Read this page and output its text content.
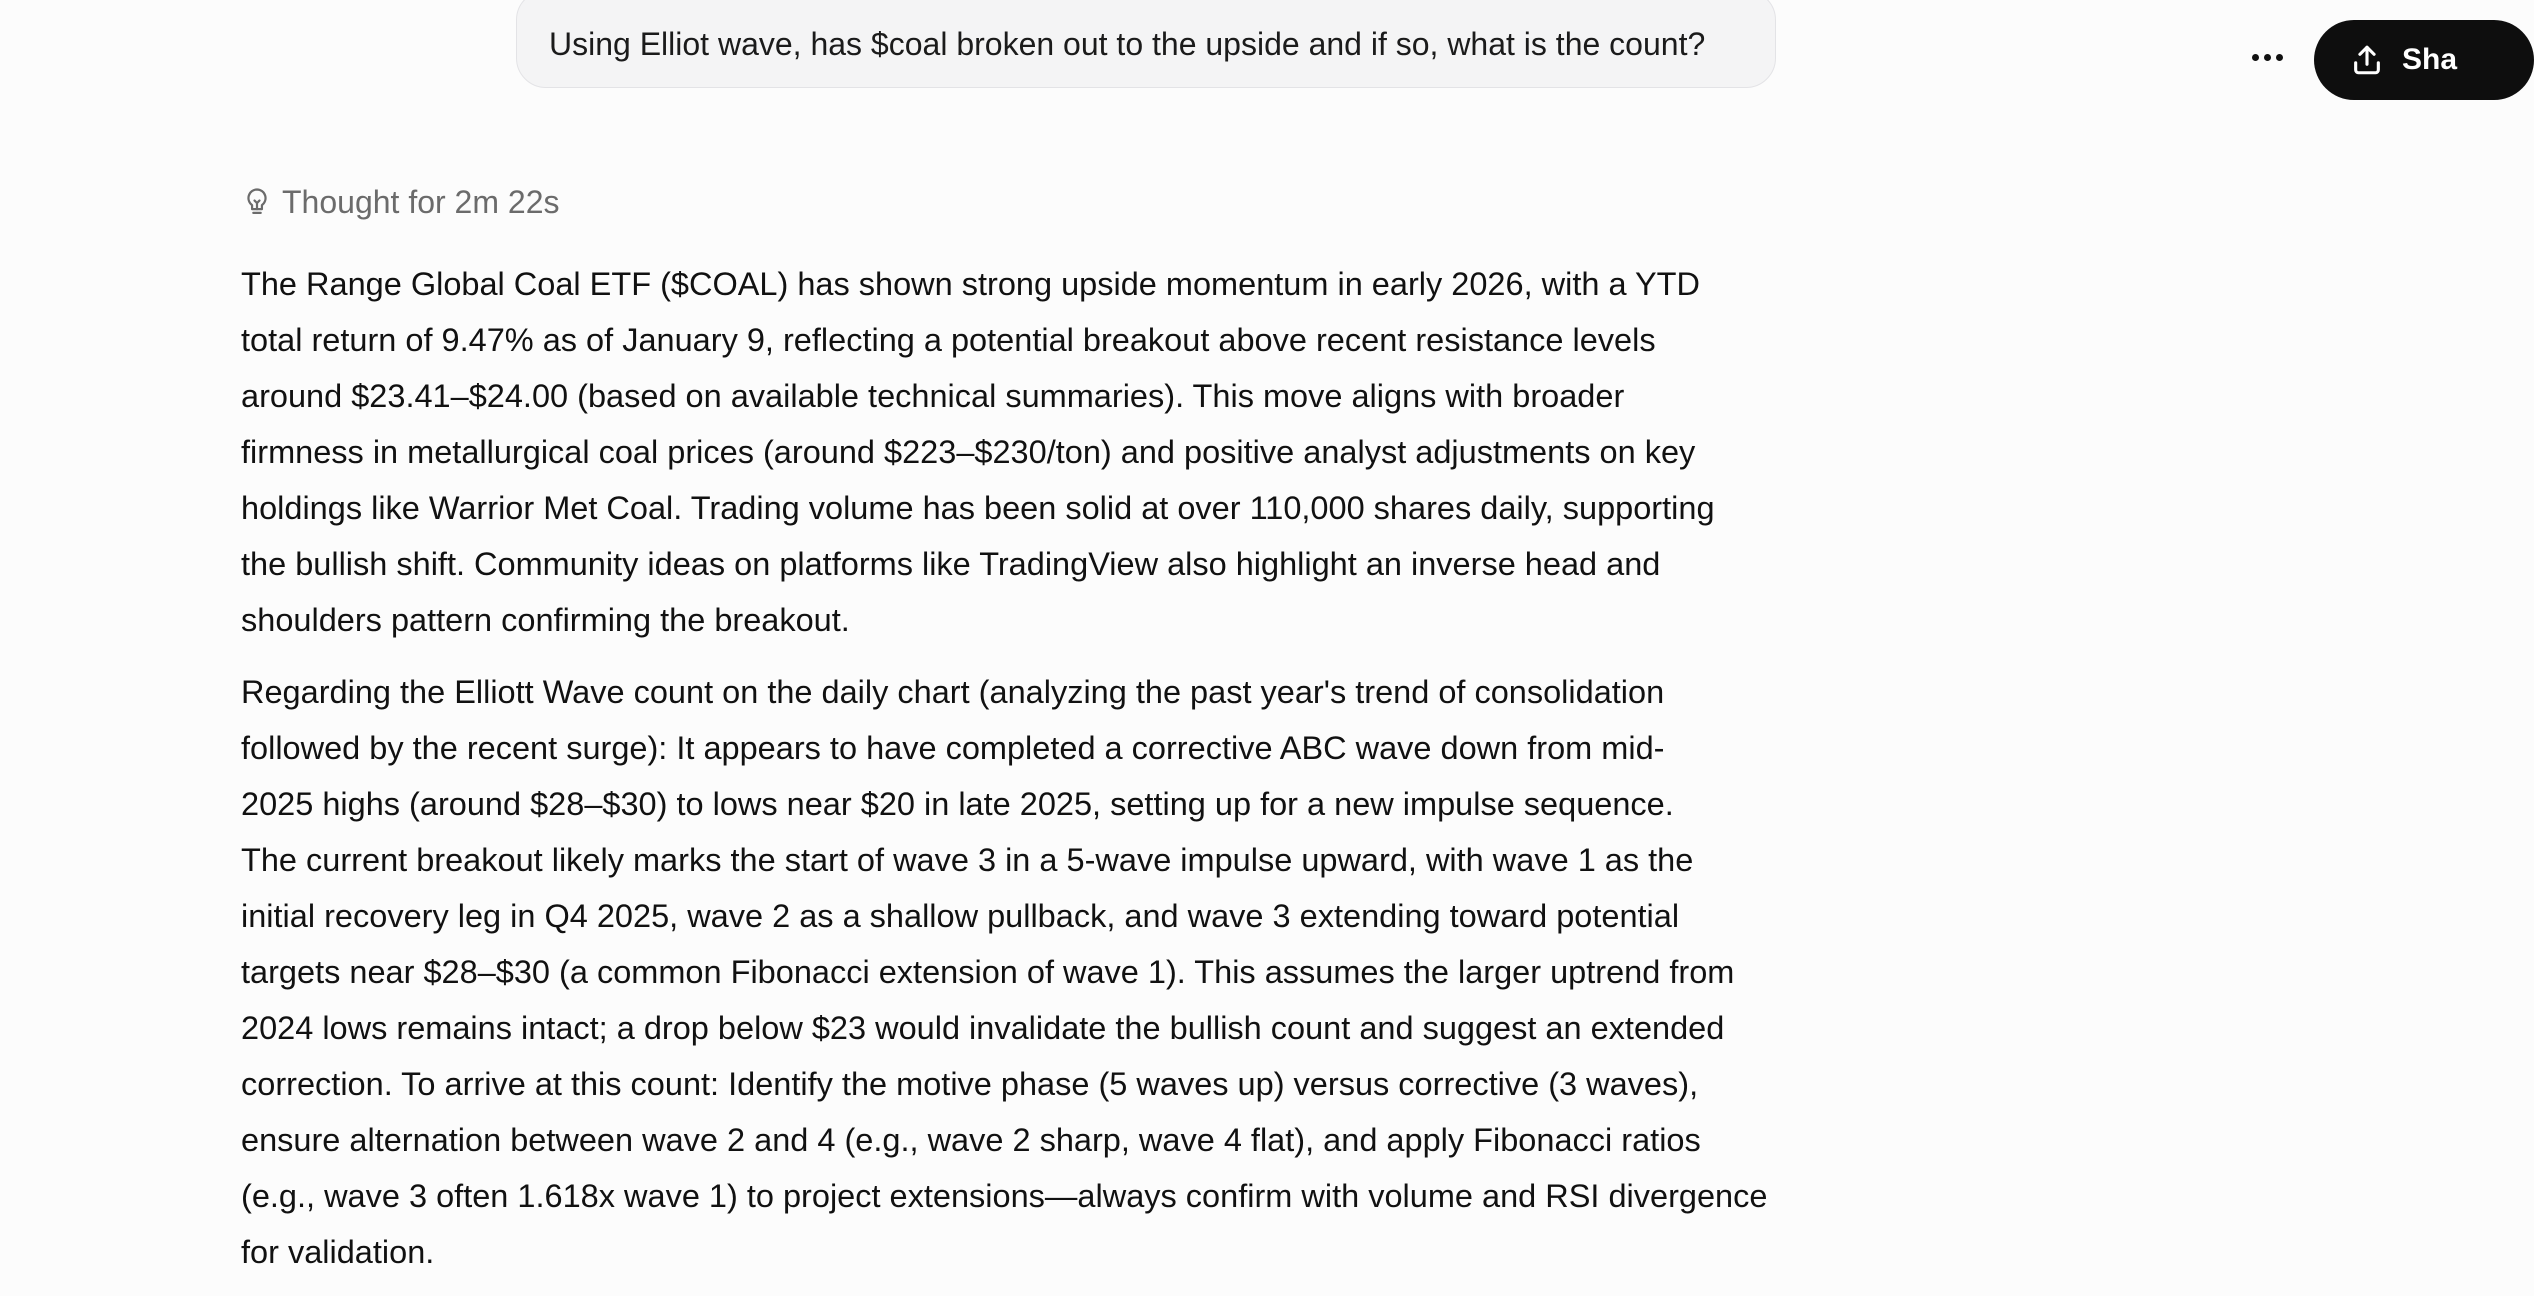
Using Elliot wave, has $coal broken out to the upside and if so, what is the count?	Sha
Thought for 2m 22s

The Range Global Coal ETF ($COAL) has shown strong upside momentum in early 2026, with a YTD
total return of 9.47% as of January 9, reflecting a potential breakout above recent resistance levels
around $23.41–$24.00 (based on available technical summaries). This move aligns with broader
firmness in metallurgical coal prices (around $223–$230/ton) and positive analyst adjustments on key
holdings like Warrior Met Coal. Trading volume has been solid at over 110,000 shares daily, supporting
the bullish shift. Community ideas on platforms like TradingView also highlight an inverse head and
shoulders pattern confirming the breakout.

Regarding the Elliott Wave count on the daily chart (analyzing the past year's trend of consolidation
followed by the recent surge): It appears to have completed a corrective ABC wave down from mid-
2025 highs (around $28–$30) to lows near $20 in late 2025, setting up for a new impulse sequence.
The current breakout likely marks the start of wave 3 in a 5-wave impulse upward, with wave 1 as the
initial recovery leg in Q4 2025, wave 2 as a shallow pullback, and wave 3 extending toward potential
targets near $28–$30 (a common Fibonacci extension of wave 1). This assumes the larger uptrend from
2024 lows remains intact; a drop below $23 would invalidate the bullish count and suggest an extended
correction. To arrive at this count: Identify the motive phase (5 waves up) versus corrective (3 waves),
ensure alternation between wave 2 and 4 (e.g., wave 2 sharp, wave 4 flat), and apply Fibonacci ratios
(e.g., wave 3 often 1.618x wave 1) to project extensions—always confirm with volume and RSI divergence
for validation.
